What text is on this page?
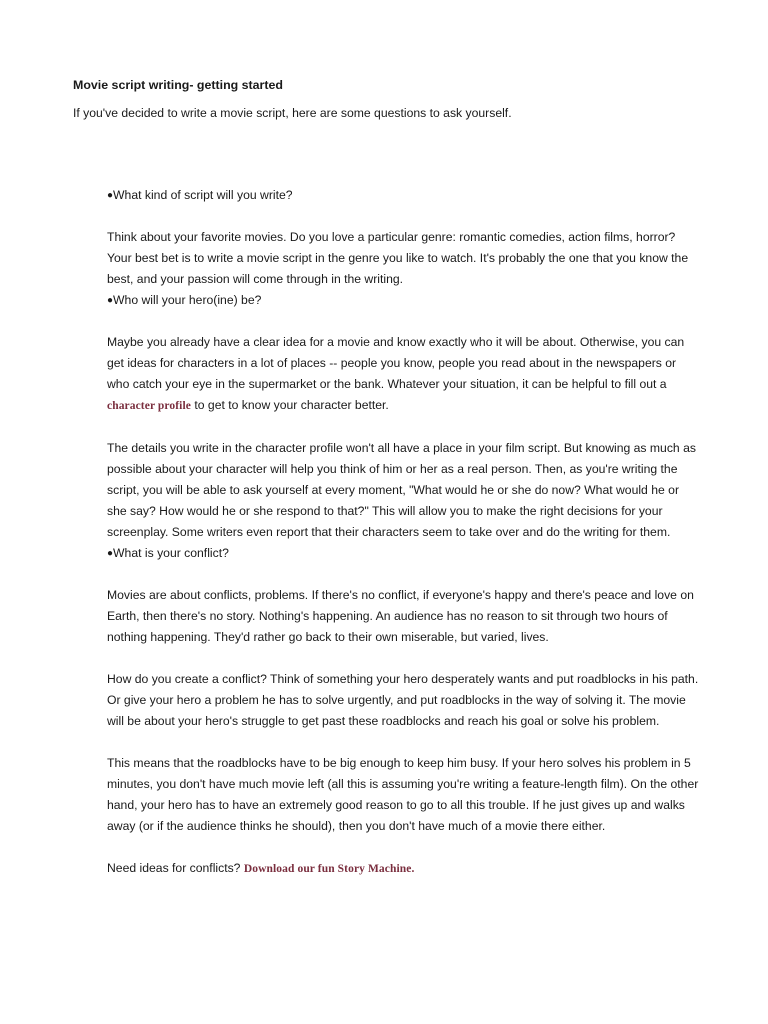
Movie script writing- getting started

If you've decided to write a movie script, here are some questions to ask yourself.

●What kind of script will you write?

Think about your favorite movies. Do you love a particular genre: romantic comedies, action films, horror? Your best bet is to write a movie script in the genre you like to watch. It's probably the one that you know the best, and your passion will come through in the writing.

●Who will your hero(ine) be?

Maybe you already have a clear idea for a movie and know exactly who it will be about. Otherwise, you can get ideas for characters in a lot of places -- people you know, people you read about in the newspapers or who catch your eye in the supermarket or the bank. Whatever your situation, it can be helpful to fill out a character profile to get to know your character better.

The details you write in the character profile won't all have a place in your film script. But knowing as much as possible about your character will help you think of him or her as a real person. Then, as you're writing the script, you will be able to ask yourself at every moment, "What would he or she do now? What would he or she say? How would he or she respond to that?" This will allow you to make the right decisions for your screenplay. Some writers even report that their characters seem to take over and do the writing for them.

●What is your conflict?

Movies are about conflicts, problems. If there's no conflict, if everyone's happy and there's peace and love on Earth, then there's no story. Nothing's happening. An audience has no reason to sit through two hours of nothing happening. They'd rather go back to their own miserable, but varied, lives.

How do you create a conflict? Think of something your hero desperately wants and put roadblocks in his path. Or give your hero a problem he has to solve urgently, and put roadblocks in the way of solving it. The movie will be about your hero's struggle to get past these roadblocks and reach his goal or solve his problem.

This means that the roadblocks have to be big enough to keep him busy. If your hero solves his problem in 5 minutes, you don't have much movie left (all this is assuming you're writing a feature-length film). On the other hand, your hero has to have an extremely good reason to go to all this trouble. If he just gives up and walks away (or if the audience thinks he should), then you don't have much of a movie there either.

Need ideas for conflicts? Download our fun Story Machine.
